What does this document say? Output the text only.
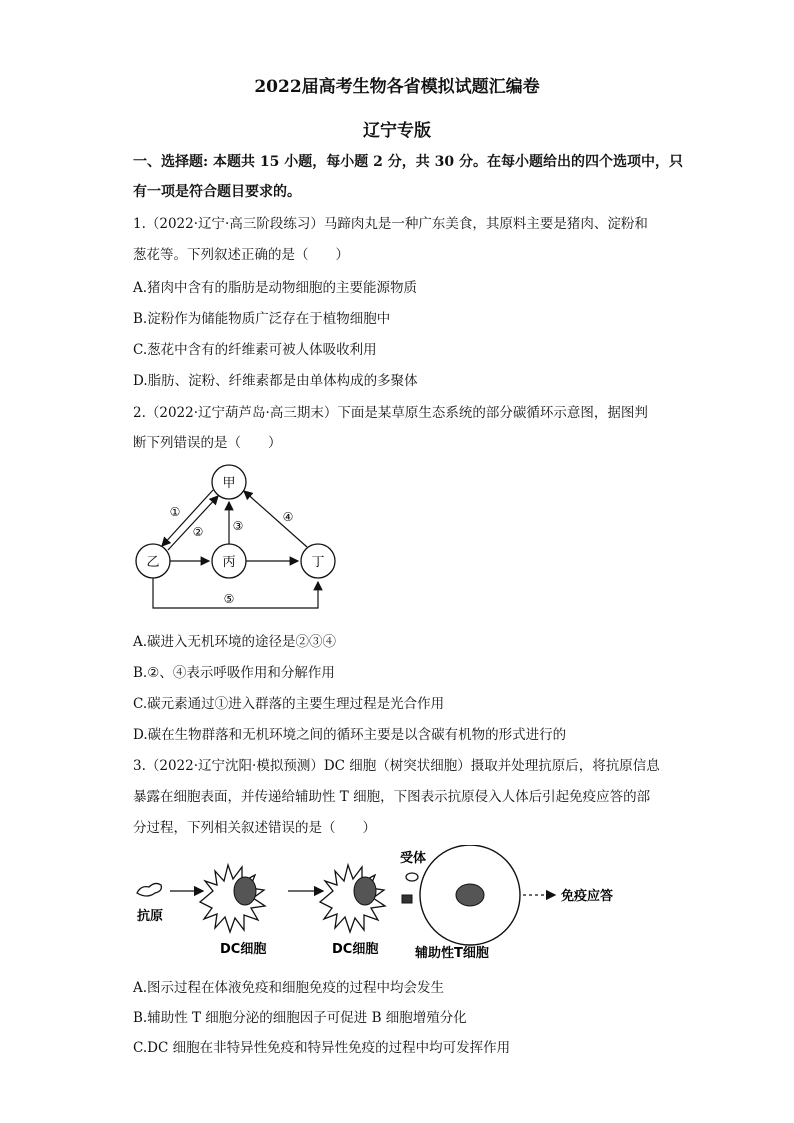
2022届高考生物各省模拟试题汇编卷
辽宁专版
一、选择题: 本题共 15 小题，每小题 2 分，共 30 分。在每小题给出的四个选项中，只
有一项是符合题目要求的。
1.（2022·辽宁·高三阶段练习）马蹄肉丸是一种广东美食，其原料主要是猪肉、淀粉和
葱花等。下列叙述正确的是（　　）
A.猪肉中含有的脂肪是动物细胞的主要能源物质
B.淀粉作为储能物质广泛存在于植物细胞中
C.葱花中含有的纤维素可被人体吸收利用
D.脂肪、淀粉、纤维素都是由单体构成的多聚体
2.（2022·辽宁葫芦岛·高三期末）下面是某草原生态系统的部分碳循环示意图，据图判
断下列错误的是（　　）
甲
乙	丙	丁
①
② ③
④
⑤
A.碳进入无机环境的途径是②③④
B.②、④表示呼吸作用和分解作用
C.碳元素通过①进入群落的主要生理过程是光合作用
D.碳在生物群落和无机环境之间的循环主要是以含碳有机物的形式进行的
3.（2022·辽宁沈阳·模拟预测）DC 细胞（树突状细胞）摄取并处理抗原后，将抗原信息
暴露在细胞表面，并传递给辅助性 T 细胞，下图表示抗原侵入人体后引起免疫应答的部
分过程，下列相关叙述错误的是（　　）
抗原
DC细胞	DC细胞
受体
辅助性T细胞
免疫应答
A.图示过程在体液免疫和细胞免疫的过程中均会发生
B.辅助性 T 细胞分泌的细胞因子可促进 B 细胞增殖分化
C.DC 细胞在非特异性免疫和特异性免疫的过程中均可发挥作用
